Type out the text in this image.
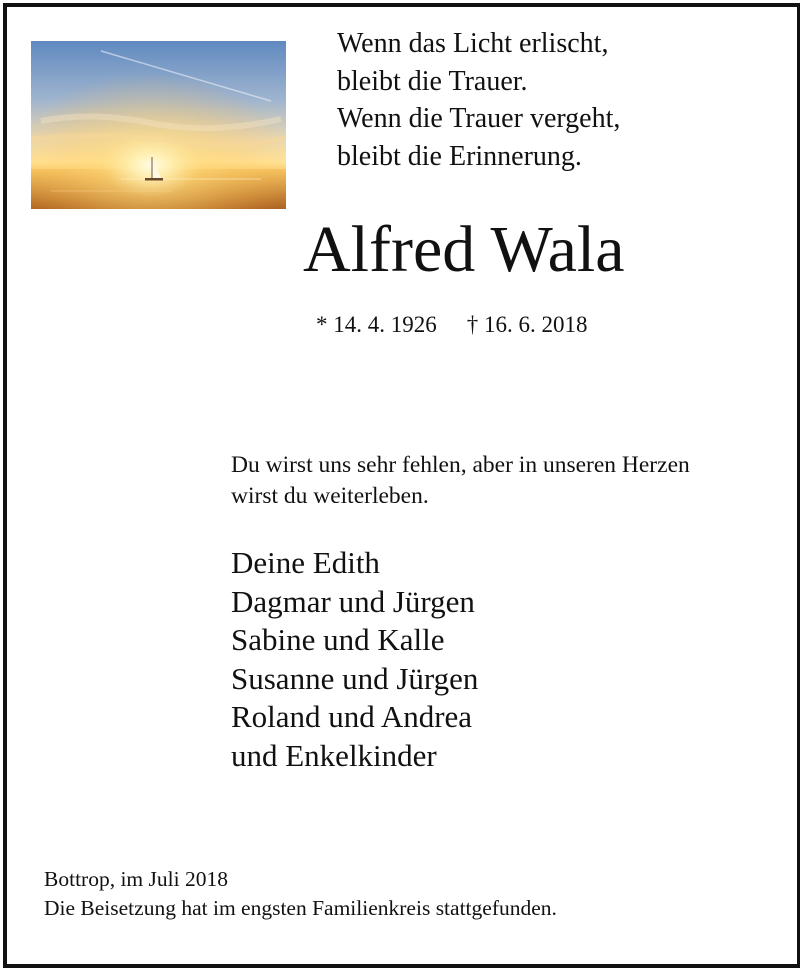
Wenn das Licht erlischt,
bleibt die Trauer.
Wenn die Trauer vergeht,
bleibt die Erinnerung.
Alfred Wala
* 14. 4. 1926 † 16. 6. 2018
Du wirst uns sehr fehlen, aber in unseren Herzen
wirst du weiterleben.
Deine Edith
Dagmar und Jürgen
Sabine und Kalle
Susanne und Jürgen
Roland und Andrea
und Enkelkinder
Bottrop, im Juli 2018
Die Beisetzung hat im engsten Familienkreis stattgefunden.
